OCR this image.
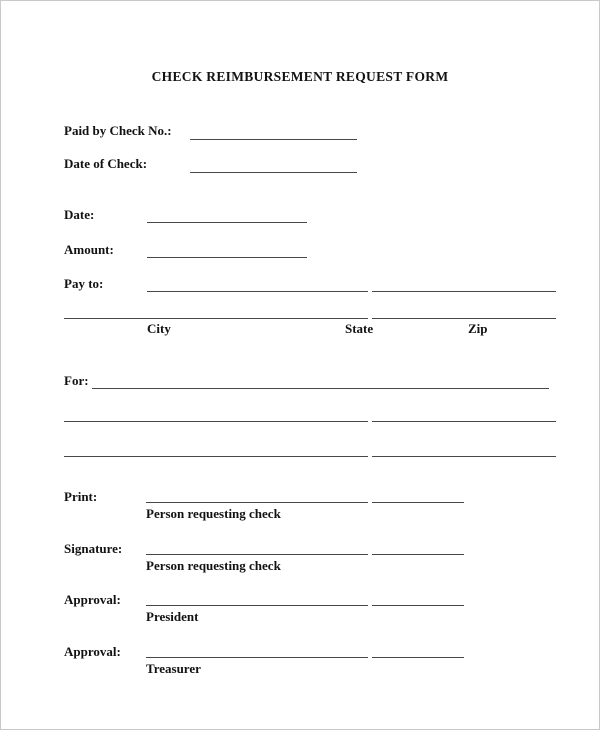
CHECK REIMBURSEMENT REQUEST FORM
Paid by Check No.:
Date of Check:
Date:
Amount:
Pay to:
City	State	Zip
For:
Print:
Person requesting check
Signature:
Person requesting check
Approval:
President
Approval:
Treasurer
